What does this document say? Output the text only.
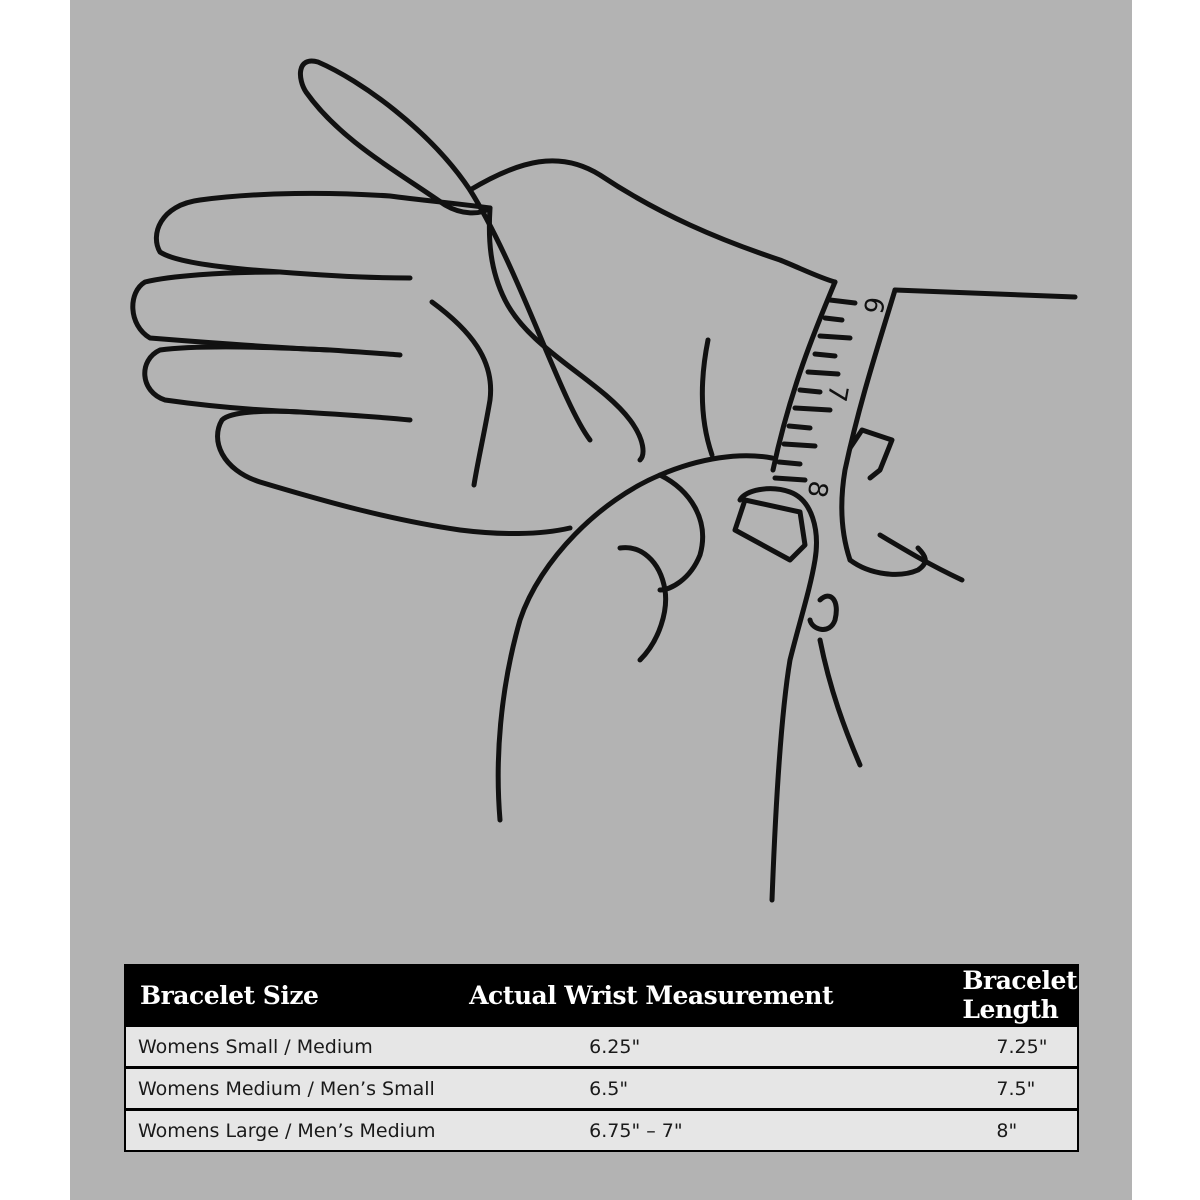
6
7
8
Bracelet Size	Actual Wrist Measurement	Bracelet Length
Womens Small / Medium	6.25"	7.25"
Womens Medium / Men’s Small	6.5"	7.5"
Womens Large / Men’s Medium	6.75" – 7"	8"
